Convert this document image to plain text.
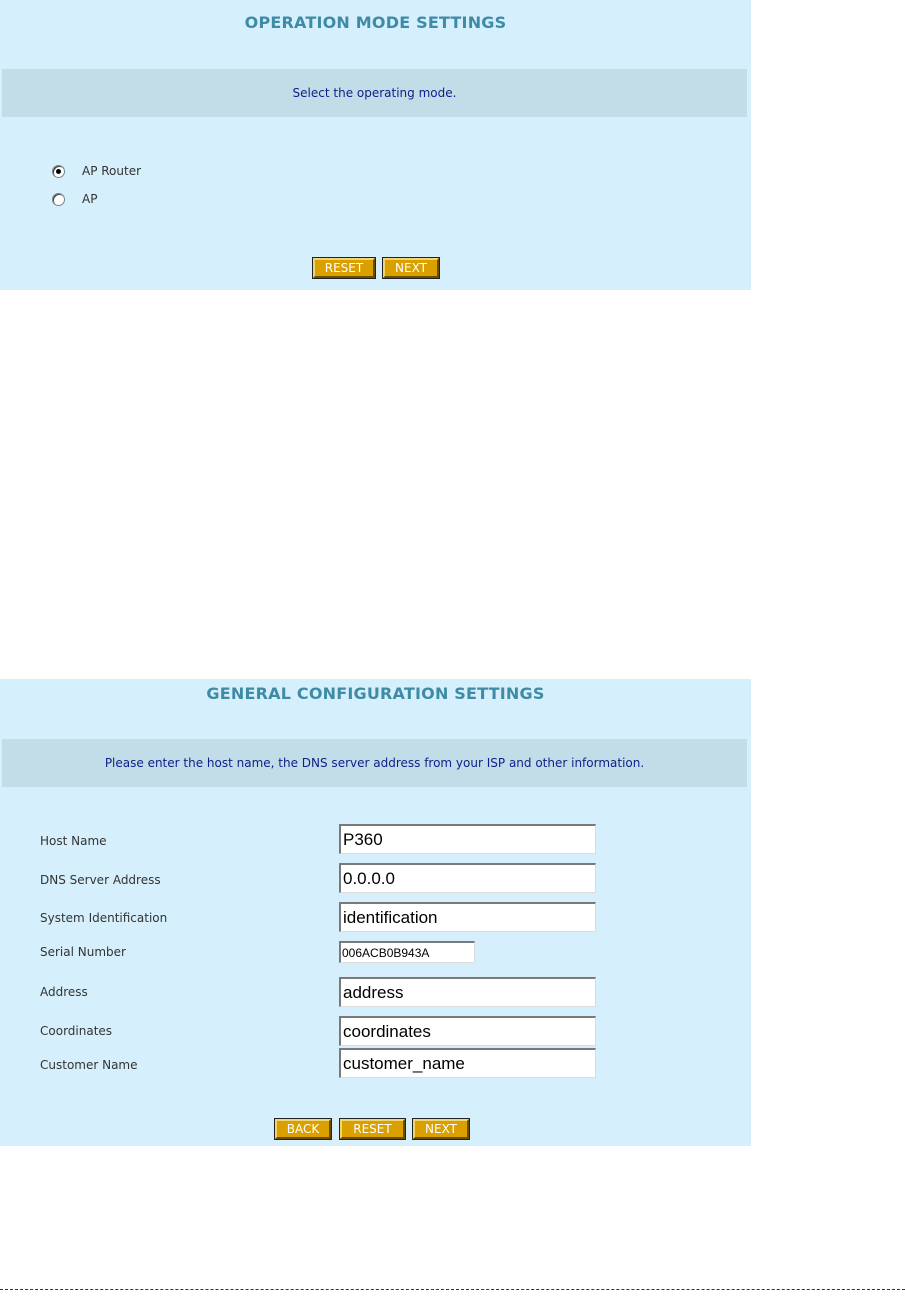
OPERATION MODE SETTINGS
Select the operating mode.
AP Router
AP
RESET	NEXT
GENERAL CONFIGURATION SETTINGS
Please enter the host name, the DNS server address from your ISP and other information.
Host Name	P360
DNS Server Address	0.0.0.0
System Identification	identification
Serial Number	006ACB0B943A
Address	address
Coordinates	coordinates
Customer Name	customer_name
BACK	RESET	NEXT
